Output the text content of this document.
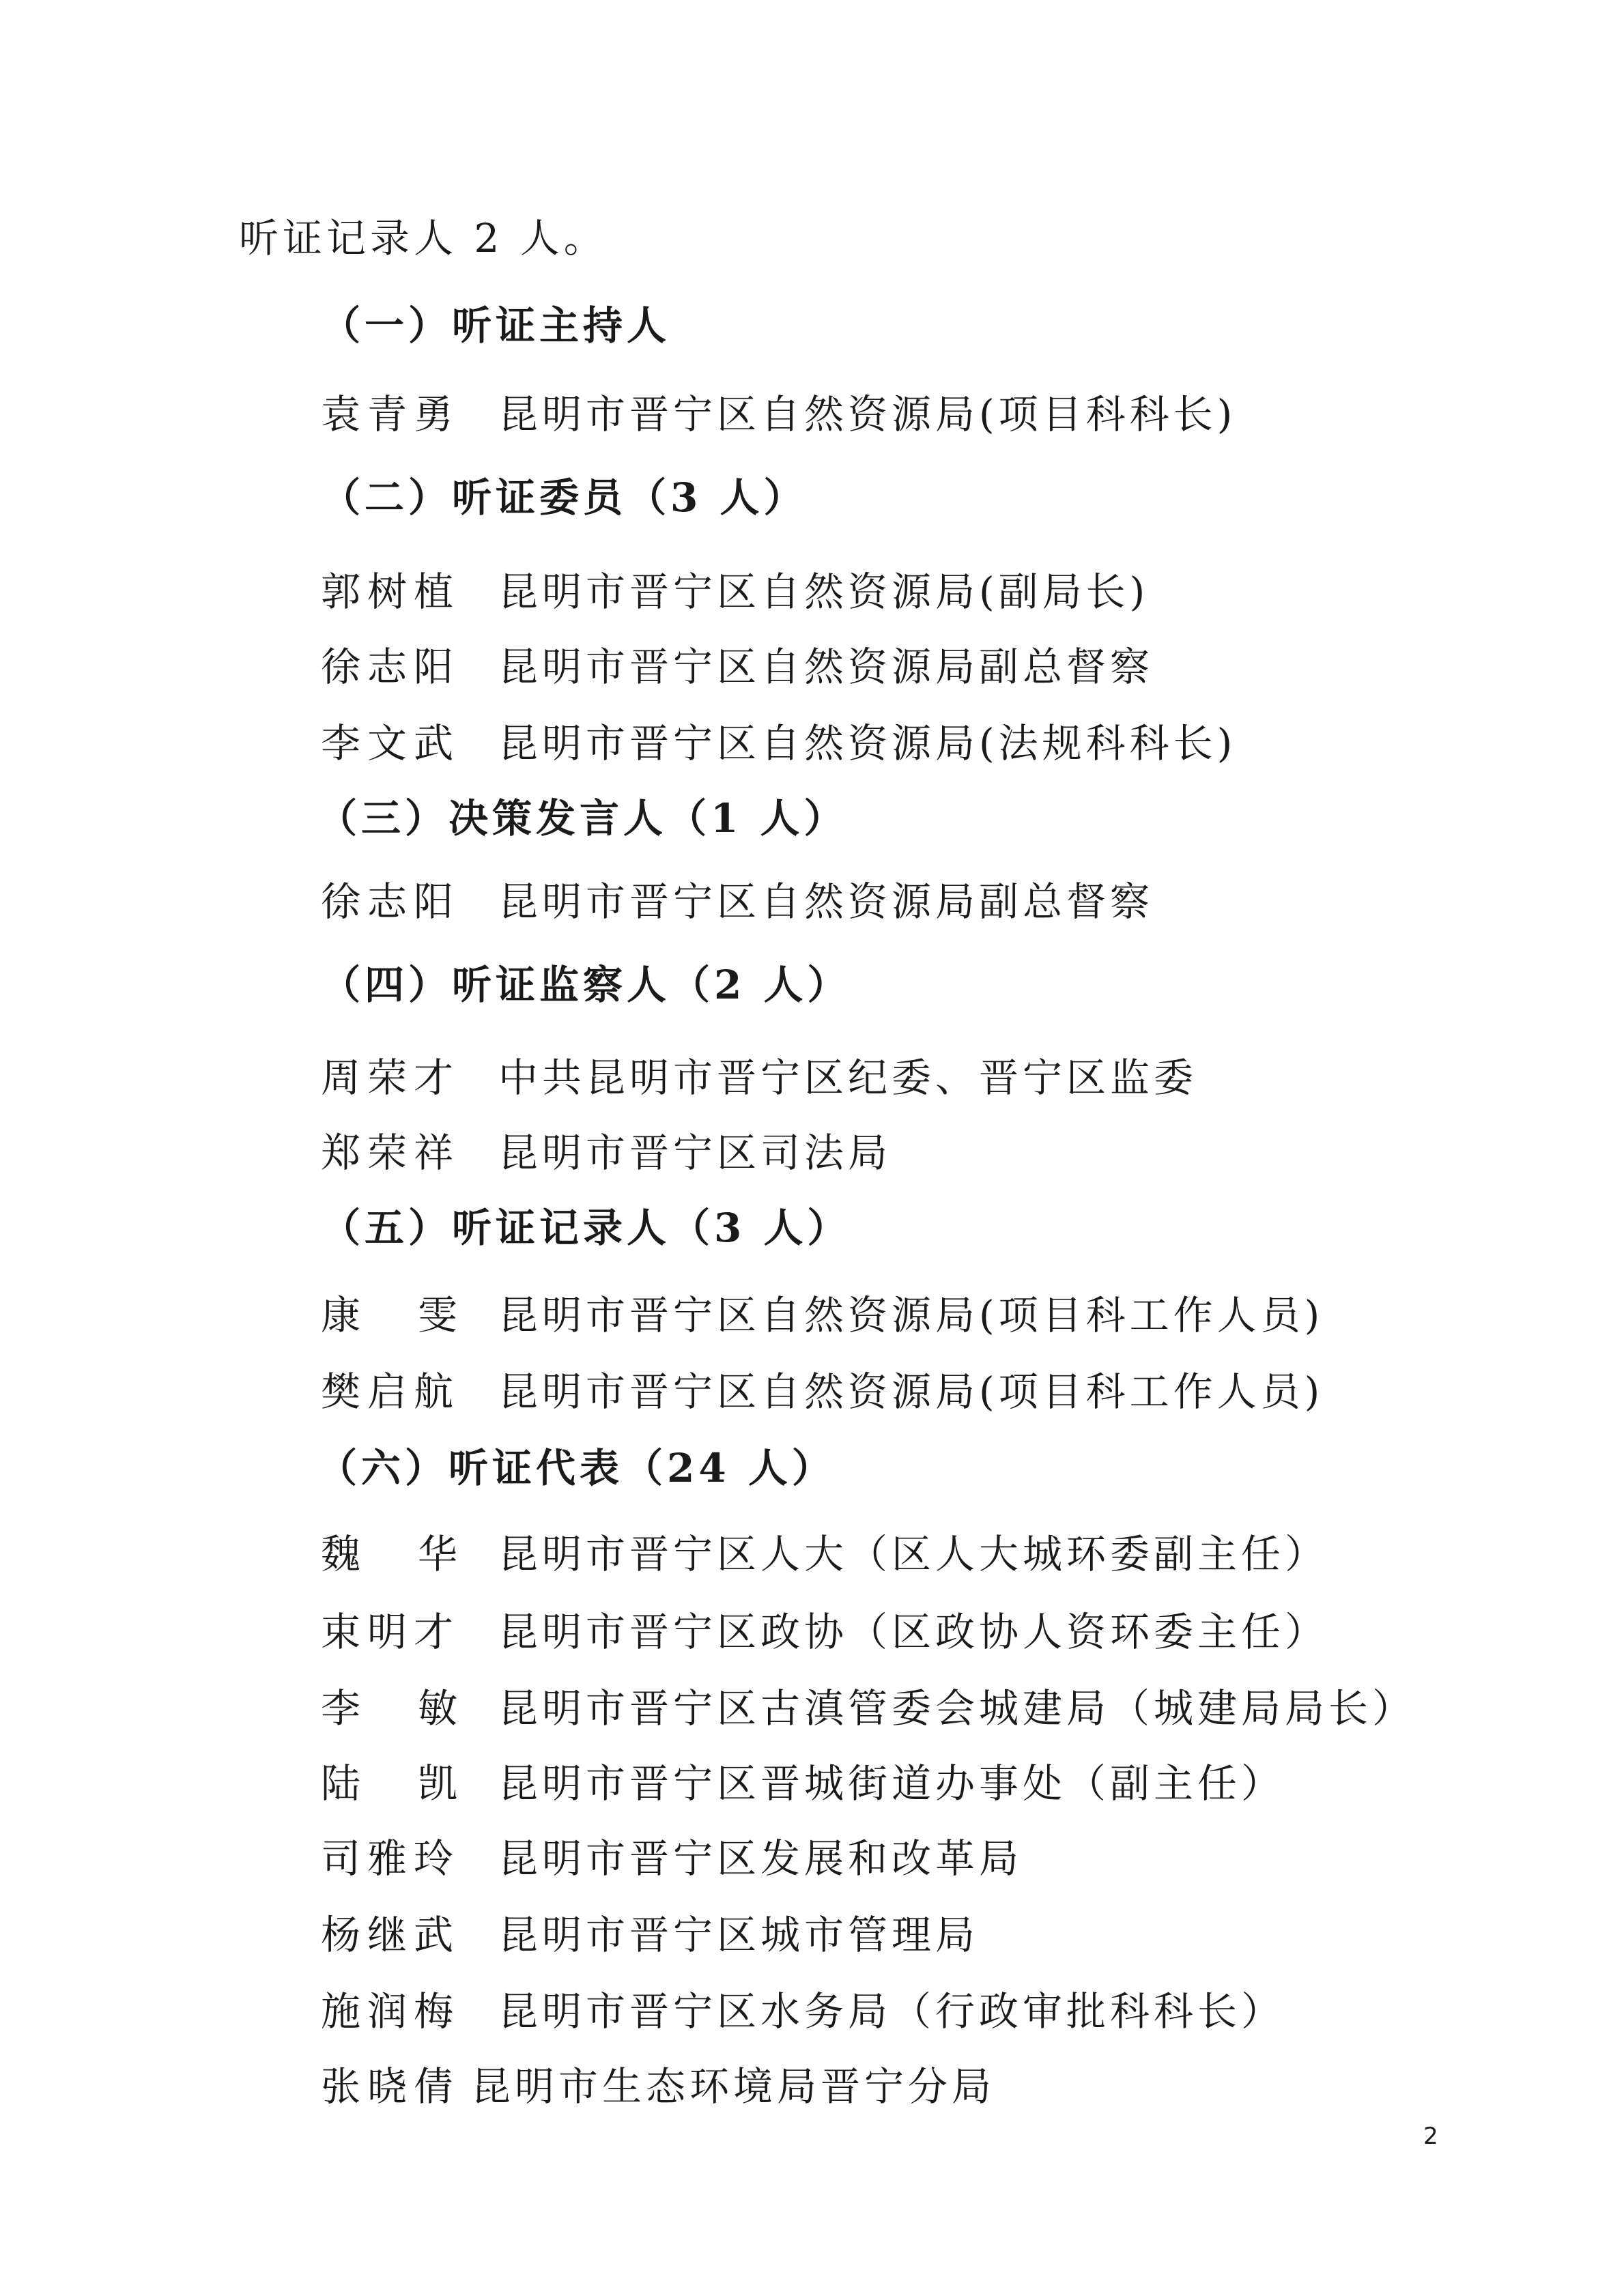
听证记录人 2 人。
（一）听证主持人
袁青勇 昆明市晋宁区自然资源局(项目科科长)
（二）听证委员（3 人）
郭树植 昆明市晋宁区自然资源局(副局长)
徐志阳 昆明市晋宁区自然资源局副总督察
李文武 昆明市晋宁区自然资源局(法规科科长)
（三）决策发言人（1 人）
徐志阳 昆明市晋宁区自然资源局副总督察
（四）听证监察人（2 人）
周荣才 中共昆明市晋宁区纪委、晋宁区监委
郑荣祥 昆明市晋宁区司法局
（五）听证记录人（3 人）
康雯
昆明市晋宁区自然资源局(项目科工作人员)
樊启航 昆明市晋宁区自然资源局(项目科工作人员)
（六）听证代表（24 人）
魏华
昆明市晋宁区人大（区人大城环委副主任）
束明才 昆明市晋宁区政协（区政协人资环委主任）
李敏
昆明市晋宁区古滇管委会城建局（城建局局长）
陆凯
昆明市晋宁区晋城街道办事处（副主任）
司雅玲 昆明市晋宁区发展和改革局
杨继武 昆明市晋宁区城市管理局
施润梅 昆明市晋宁区水务局（行政审批科科长）
张晓倩 昆明市生态环境局晋宁分局
2
